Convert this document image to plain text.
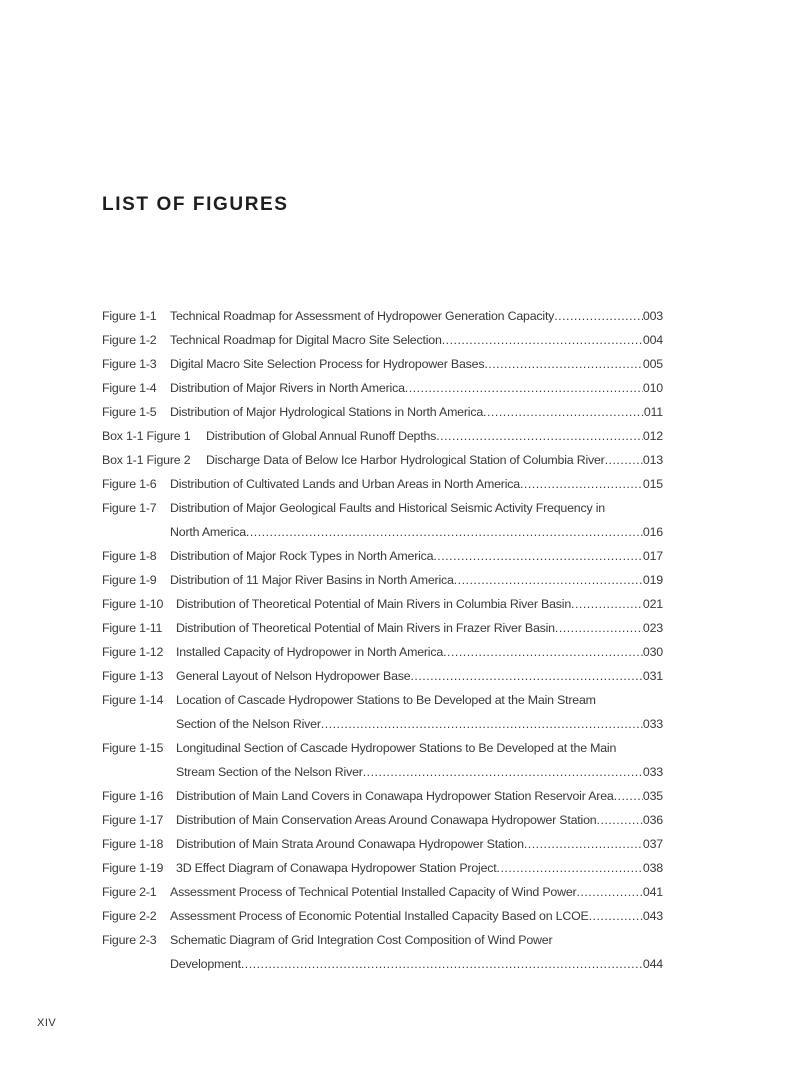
LIST OF FIGURES
Figure 1-1	Technical Roadmap for Assessment of Hydropower Generation Capacity .....	003
Figure 1-2	Technical Roadmap for Digital Macro Site Selection .....	004
Figure 1-3	Digital Macro Site Selection Process for Hydropower Bases .....	005
Figure 1-4	Distribution of Major Rivers in North America .....	010
Figure 1-5	Distribution of Major Hydrological Stations in North America .....	011
Box 1-1 Figure 1	Distribution of Global Annual Runoff Depths .....	012
Box 1-1 Figure 2	Discharge Data of Below Ice Harbor Hydrological Station of Columbia River .....	013
Figure 1-6	Distribution of Cultivated Lands and Urban Areas in North America .....	015
Figure 1-7	Distribution of Major Geological Faults and Historical Seismic Activity Frequency in
North America .....	016
Figure 1-8	Distribution of Major Rock Types in North America .....	017
Figure 1-9	Distribution of 11 Major River Basins in North America .....	019
Figure 1-10	Distribution of Theoretical Potential of Main Rivers in Columbia River Basin .....	021
Figure 1-11	Distribution of Theoretical Potential of Main Rivers in Frazer River Basin .....	023
Figure 1-12	Installed Capacity of Hydropower in North America .....	030
Figure 1-13	General Layout of Nelson Hydropower Base .....	031
Figure 1-14	Location of Cascade Hydropower Stations to Be Developed at the Main Stream
Section of the Nelson River .....	033
Figure 1-15	Longitudinal Section of Cascade Hydropower Stations to Be Developed at the Main
Stream Section of the Nelson River .....	033
Figure 1-16	Distribution of Main Land Covers in Conawapa Hydropower Station Reservoir Area ..... 035
Figure 1-17	Distribution of Main Conservation Areas Around Conawapa Hydropower Station .....	036
Figure 1-18	Distribution of Main Strata Around Conawapa Hydropower Station .....	037
Figure 1-19	3D Effect Diagram of Conawapa Hydropower Station Project .....	038
Figure 2-1	Assessment Process of Technical Potential Installed Capacity of Wind Power .....	041
Figure 2-2	Assessment Process of Economic Potential Installed Capacity Based on LCOE .....	043
Figure 2-3	Schematic Diagram of Grid Integration Cost Composition of Wind Power
Development .....	044
XIV
